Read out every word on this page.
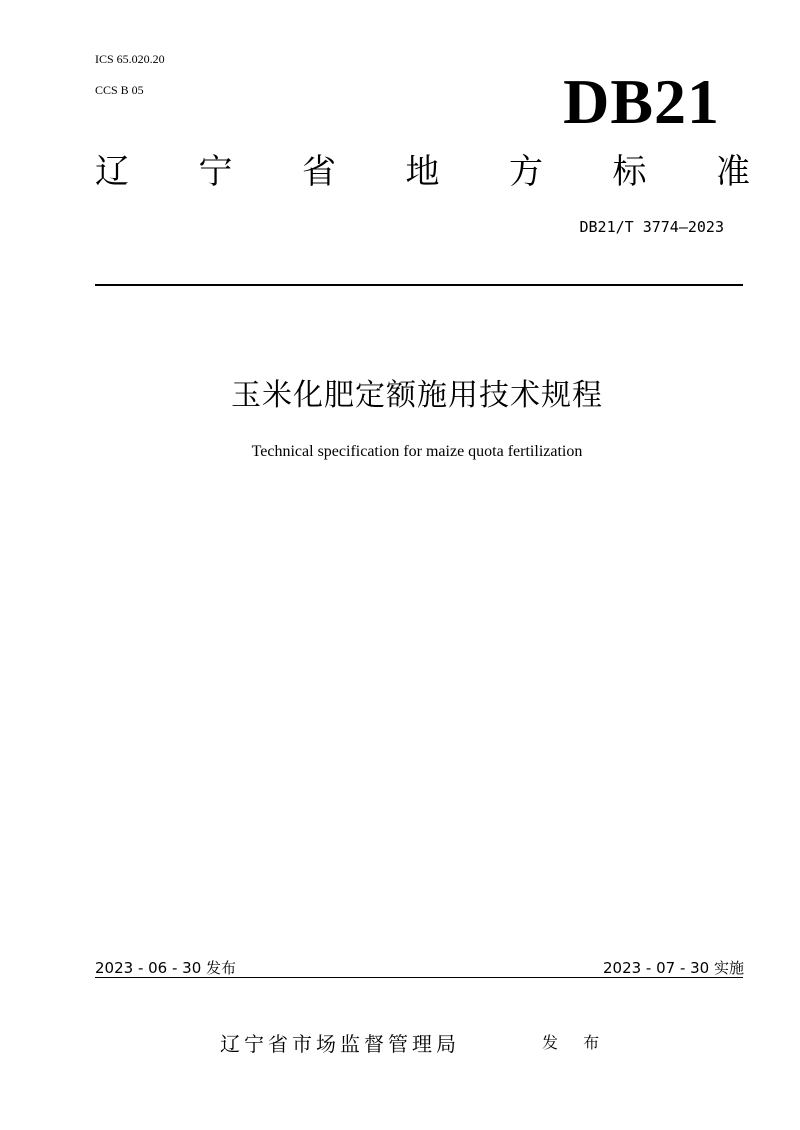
ICS 65.020.20
CCS B 05	DB21
辽 宁 省 地 方 标 准
DB21/T 3774—2023
玉米化肥定额施用技术规程
Technical specification for maize quota fertilization
2023 - 06 - 30 发布	2023 - 07 - 30 实施
辽宁省市场监督管理局	发 布
